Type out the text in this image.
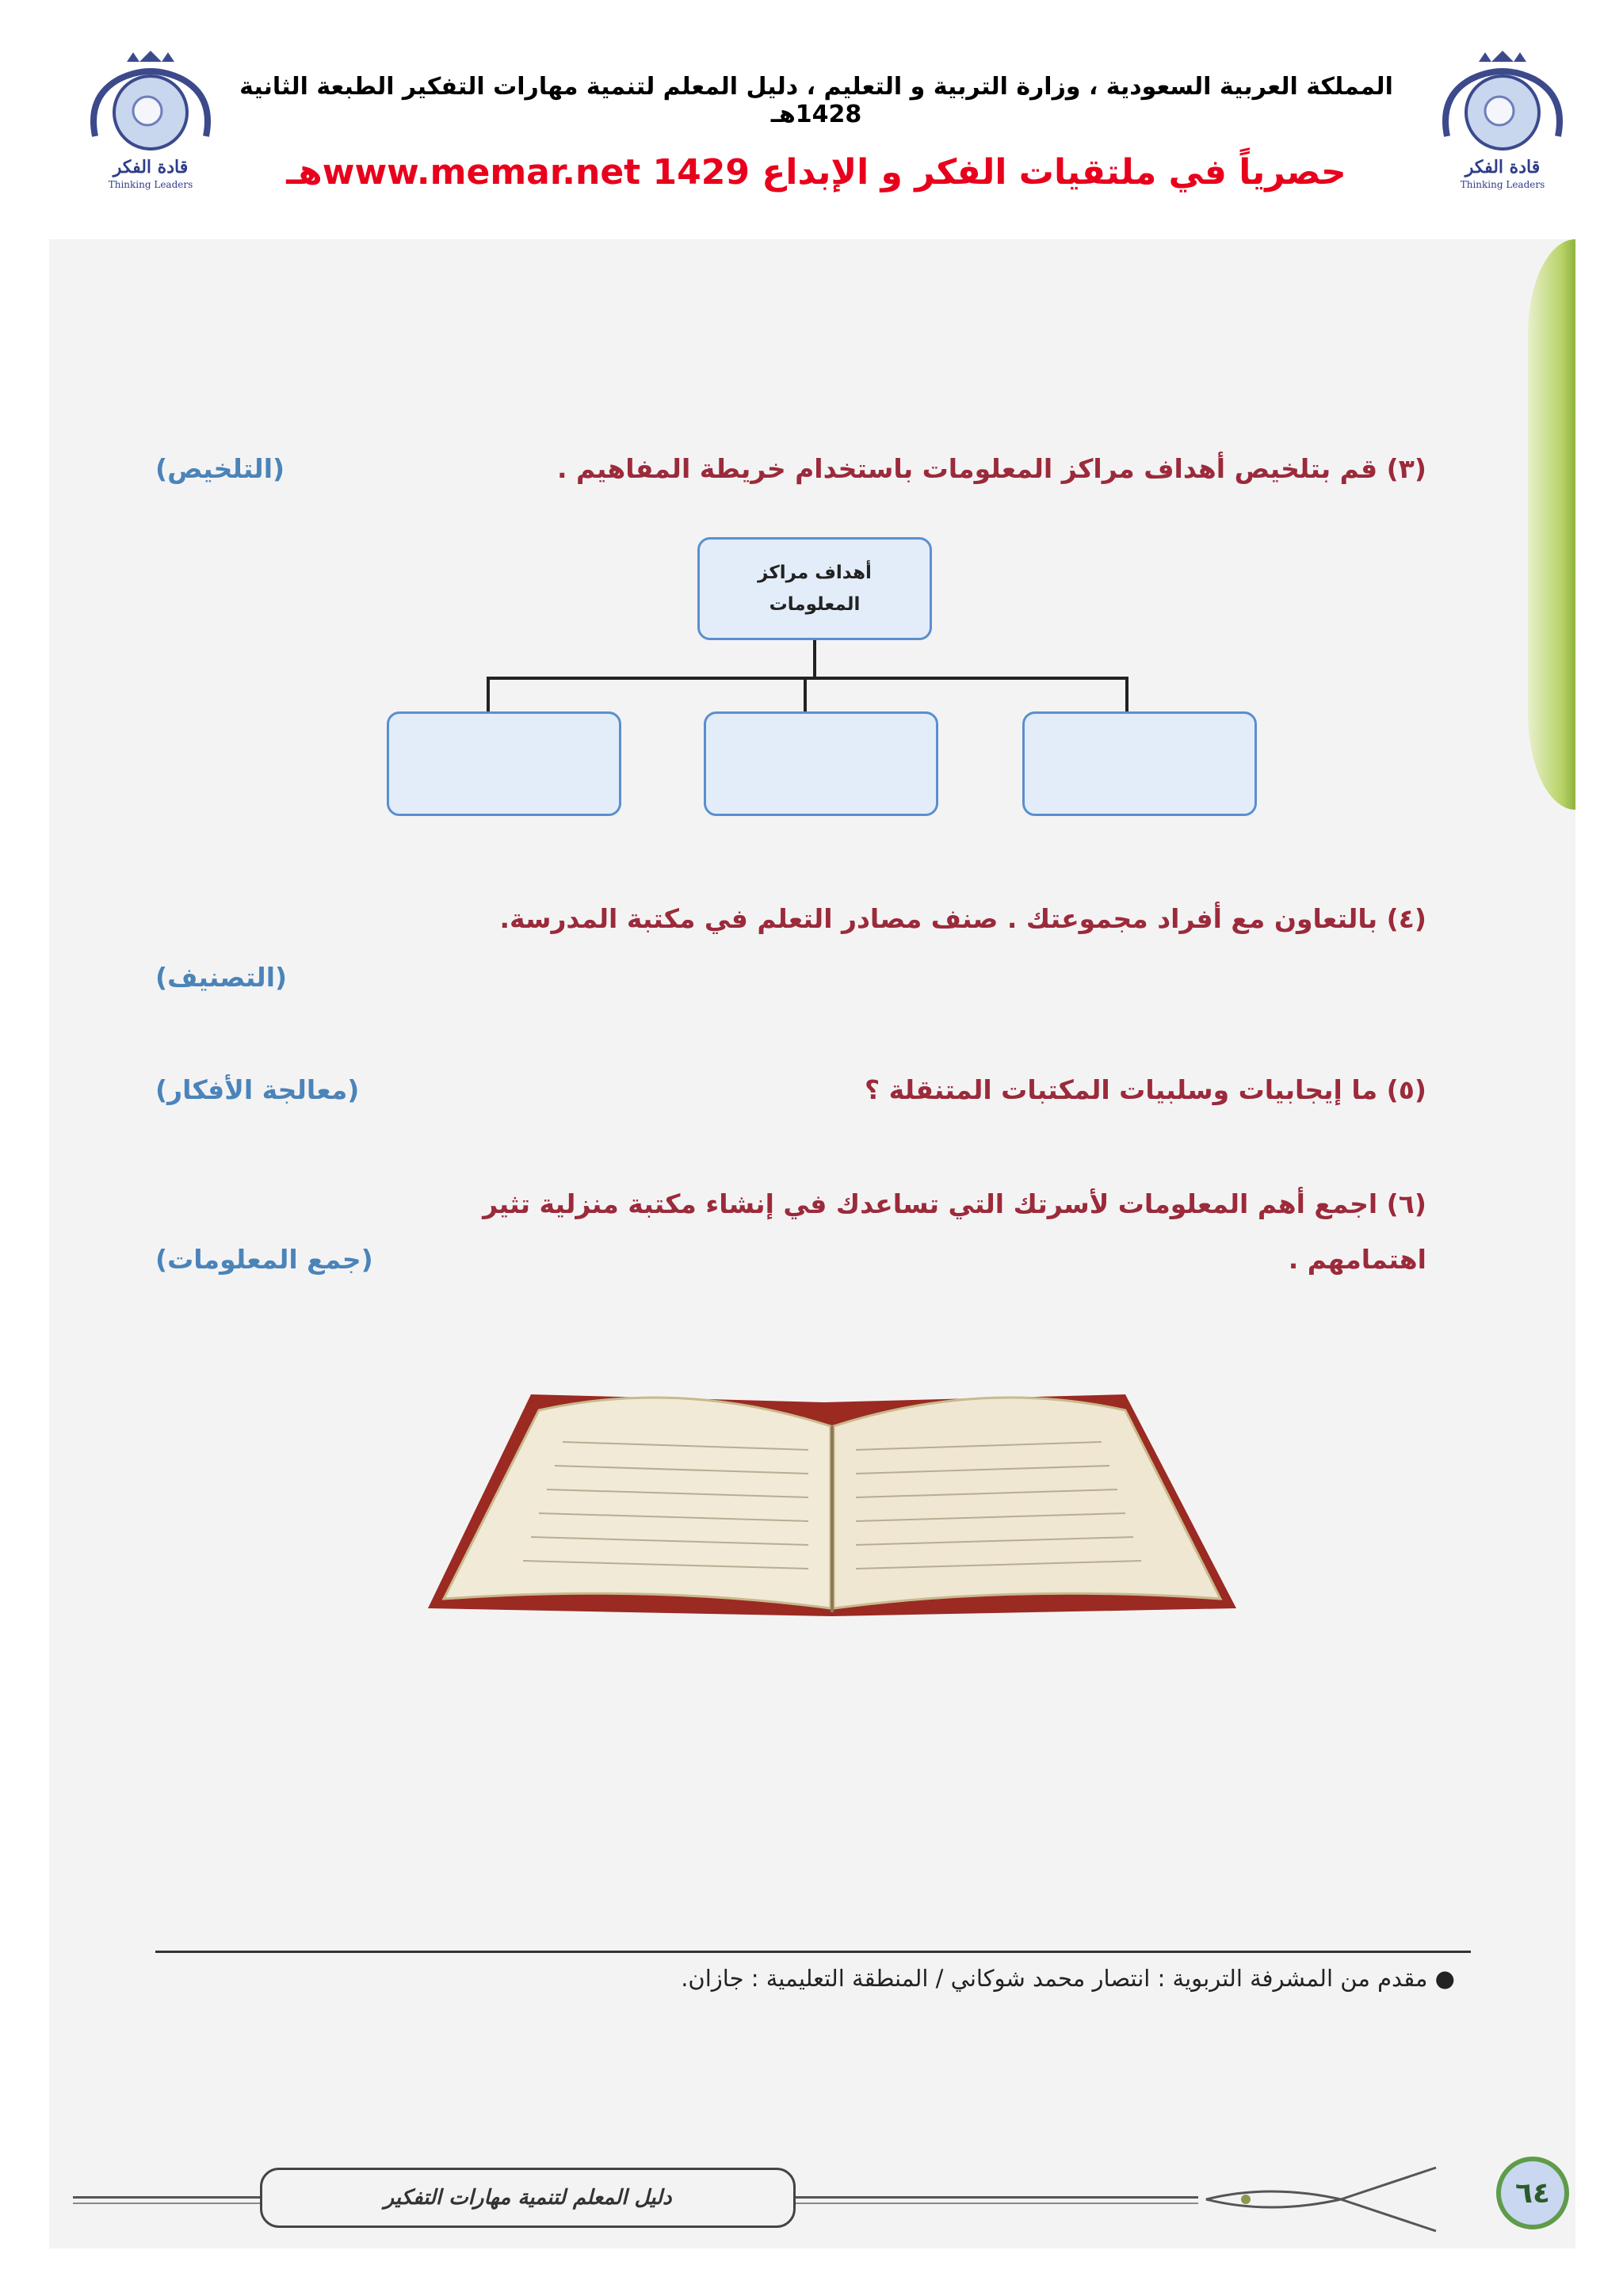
قادة الفكر
Thinking Leaders
قادة الفكر
Thinking Leaders
المملكة العربية السعودية ، وزارة التربية و التعليم ، دليل المعلم لتنمية مهارات التفكير الطبعة الثانية 1428هـ
حصرياً في ملتقيات الفكر و الإبداع www.memar.net 1429هـ
(٣) قم بتلخيص أهداف مراكز المعلومات باستخدام خريطة المفاهيم .
(التلخيص)
أهداف مراكز المعلومات
(٤) بالتعاون مع أفراد مجموعتك . صنف مصادر التعلم في مكتبة المدرسة.
(التصنيف)
(٥) ما إيجابيات وسلبيات المكتبات المتنقلة ؟
(معالجة الأفكار)
(٦) اجمع أهم المعلومات لأسرتك التي تساعدك في إنشاء مكتبة منزلية تثير
اهتمامهم .
(جمع المعلومات)
● مقدم من المشرفة التربوية : انتصار محمد شوكاني / المنطقة التعليمية : جازان.
دليل المعلم لتنمية مهارات التفكير	٦٤
